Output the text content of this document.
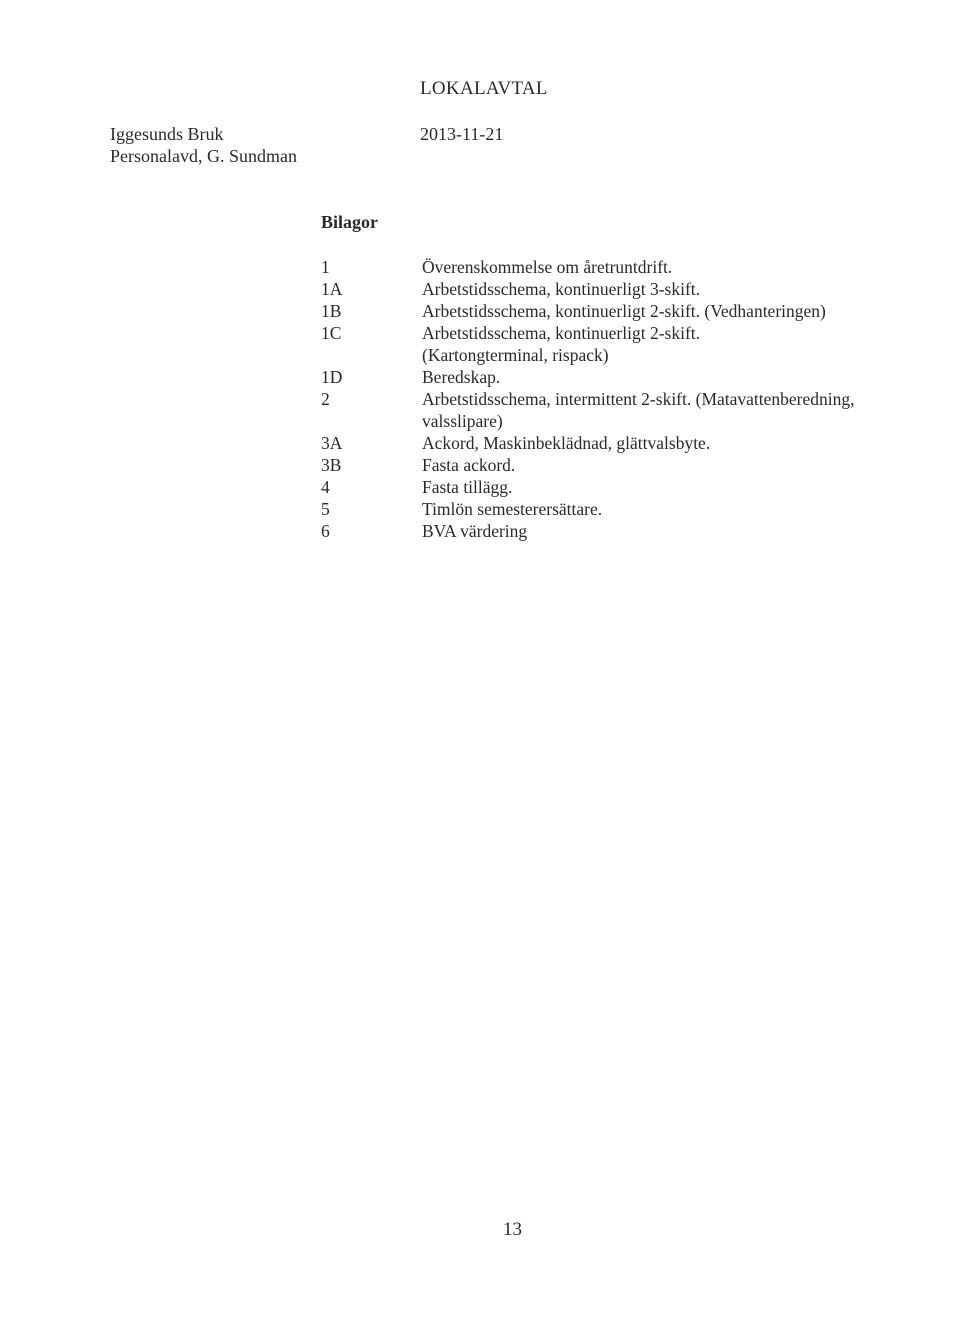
LOKALAVTAL
Iggesunds Bruk
Personalavd, G. Sundman
2013-11-21
Bilagor
1	Överenskommelse om åretruntdrift.
1A	Arbetstidsschema, kontinuerligt 3-skift.
1B	Arbetstidsschema, kontinuerligt 2-skift. (Vedhanteringen)
1C	Arbetstidsschema, kontinuerligt 2-skift.
(Kartongterminal, rispack)
1D	Beredskap.
2	Arbetstidsschema, intermittent 2-skift. (Matavattenberedning,
valsslipare)
3A	Ackord, Maskinbeklädnad, glättvalsbyte.
3B	Fasta ackord.
4	Fasta tillägg.
5	Timlön semesterersättare.
6	BVA värdering
13
